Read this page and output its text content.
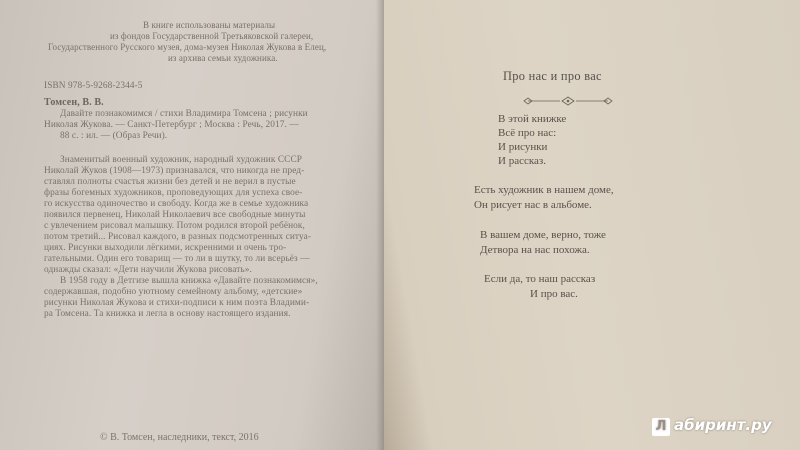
В книге использованы материалы
из фондов Государственной Третьяковской галереи,
Государственного Русского музея, дома-музея Николая Жукова в Елец,
из архива семьи художника.
ISBN 978-5-9268-2344-5
Томсен, В. В.
Давайте познакомимся / стихи Владимира Томсена ; рисунки
Николая Жукова. — Санкт-Петербург ; Москва : Речь, 2017. —
88 с. : ил. — (Образ Речи).
Знаменитый военный художник, народный художник СССР
Николай Жуков (1908—1973) признавался, что никогда не пред-
ставлял полноты счастья жизни без детей и не верил в пустые
фразы богемных художников, проповедующих для успеха свое-
го искусства одиночество и свободу. Когда же в семье художника
появился первенец, Николай Николаевич все свободные минуты
с увлечением рисовал малышку. Потом родился второй ребёнок,
потом третий... Рисовал каждого, в разных подсмотренных ситуа-
циях. Рисунки выходили лёгкими, искренними и очень тро-
гательными. Один его товарищ — то ли в шутку, то ли всерьёз —
однажды сказал: «Дети научили Жукова рисовать».
В 1958 году в Детгизе вышла книжка «Давайте познакомимся»,
содержавшая, подобно уютному семейному альбому, «детские»
рисунки Николая Жукова и стихи-подписи к ним поэта Владими-
ра Томсена. Та книжка и легла в основу настоящего издания.
© В. Томсен, наследники, текст, 2016
Про нас и про вас
В этой книжке
Всё про нас:
И рисунки
И рассказ.
Есть художник в нашем доме,
Он рисует нас в альбоме.
В вашем доме, верно, тоже
Детвора на нас похожа.
Если да, то наш рассказ
И про вас.
Л абиринт.ру
